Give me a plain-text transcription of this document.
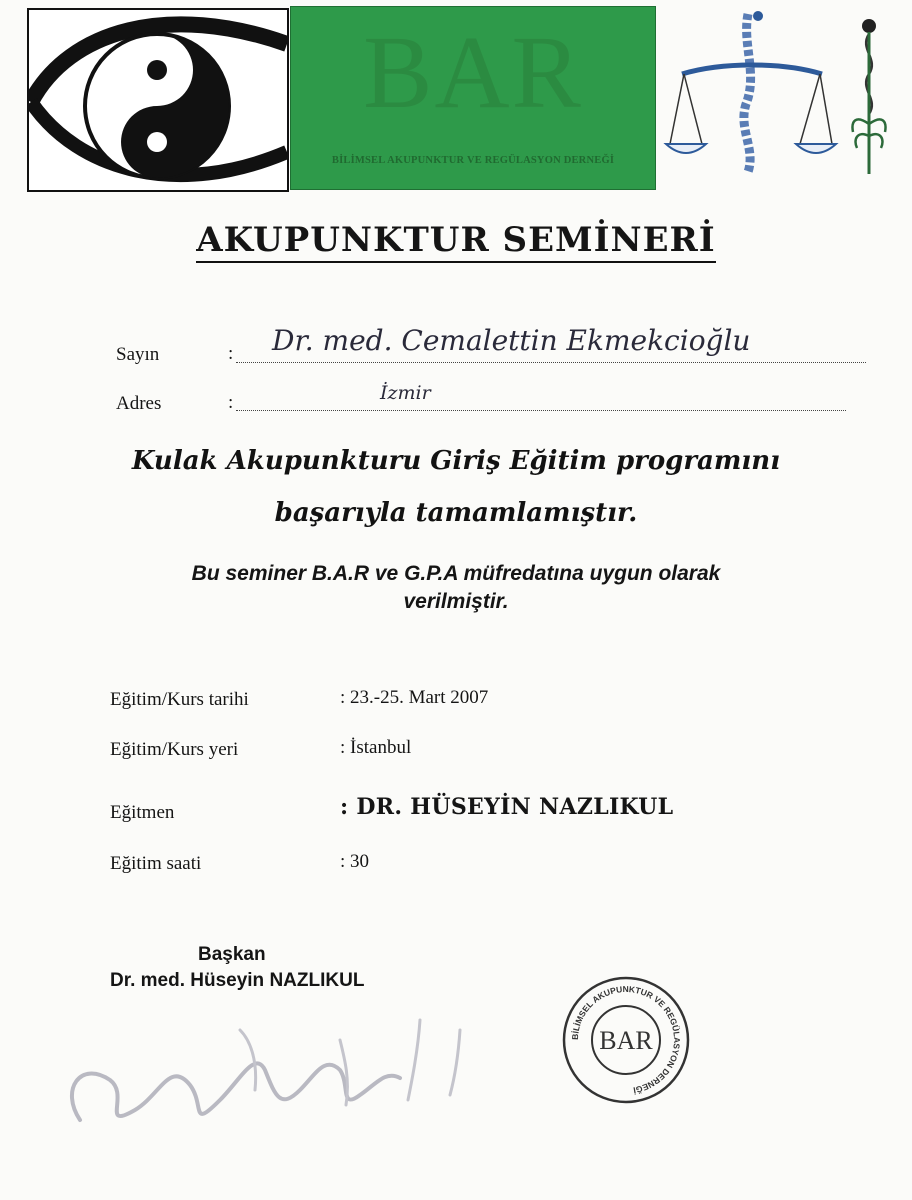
BAR
BİLİMSEL AKUPUNKTUR VE REGÜLASYON DERNEĞİ
AKUPUNKTUR SEMİNERİ
Sayın	: Dr. med. Cemalettin Ekmekcioğlu
Adres	:	İzmir
Kulak Akupunkturu Giriş Eğitim programını
başarıyla tamamlamıştır.
Bu seminer B.A.R ve G.P.A müfredatına uygun olarak
verilmiştir.
Eğitim/Kurs tarihi	: 23.-25. Mart 2007
Eğitim/Kurs yeri	: İstanbul
Eğitmen	: DR. HÜSEYİN NAZLIKUL
Eğitim saati	: 30
Başkan
Dr. med. Hüseyin NAZLIKUL
BİLİMSEL AKUPUNKTUR VE REGÜLASYON DERNEĞİ
BAR
